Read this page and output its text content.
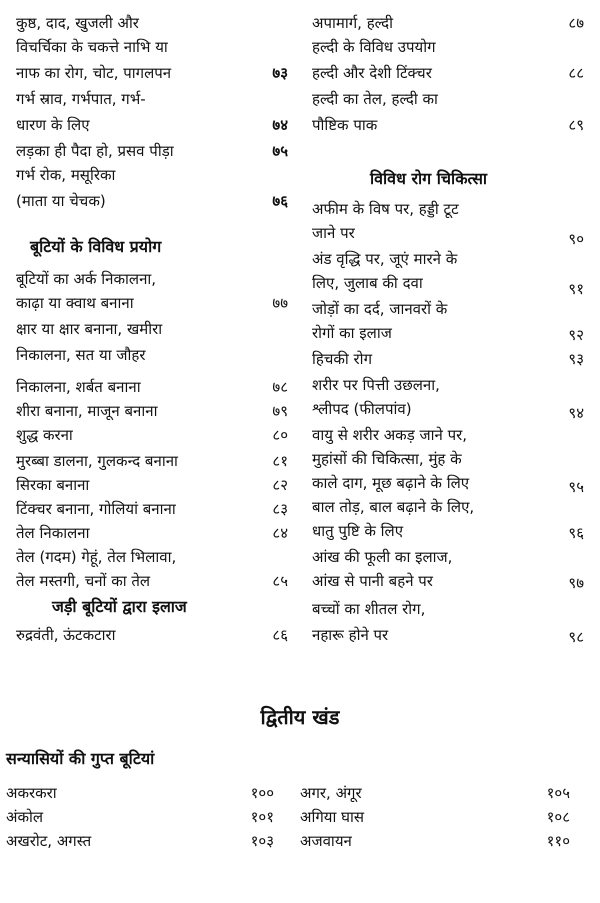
कुष्ठ, दाद, खुजली और
विचर्चिका के चकत्ते नाभि या
नाफ का रोग, चोट, पागलपन	७३
गर्भ स्राव, गर्भपात, गर्भ-
धारण के लिए	७४
लड़का ही पैदा हो, प्रसव पीड़ा	७५
गर्भ रोक, मसूरिका
(माता या चेचक)	७६
बूटियों के विविध प्रयोग
बूटियों का अर्क निकालना,
काढ़ा या क्वाथ बनाना	७७
क्षार या क्षार बनाना, खमीरा
निकालना, सत या जौहर
निकालना, शर्बत बनाना	७८
शीरा बनाना, माजून बनाना	७९
शुद्ध करना	८०
मुरब्बा डालना, गुलकन्द बनाना	८१
सिरका बनाना	८२
टिंक्चर बनाना, गोलियां बनाना	८३
तेल निकालना	८४
तेल (गदम) गेहूं, तेल भिलावा,
तेल मस्तगी, चनों का तेल	८५
जड़ी बूटियों द्वारा इलाज
रुद्रवंती, ऊंटकटारा	८६
अपामार्ग, हल्दी	८७
हल्दी के विविध उपयोग
हल्दी और देशी टिंक्चर	८८
हल्दी का तेल, हल्दी का
पौष्टिक पाक	८९
विविध रोग चिकित्सा
अफीम के विष पर, हड्डी टूट
जाने पर	९०
अंड वृद्धि पर, जूएं मारने के
लिए, जुलाब की दवा	९१
जोड़ों का दर्द, जानवरों के
रोगों का इलाज	९२
हिचकी रोग	९३
शरीर पर पित्ती उछलना,
श्लीपद (फीलपांव)	९४
वायु से शरीर अकड़ जाने पर,
मुहांसों की चिकित्सा, मुंह के
काले दाग, मूछ बढ़ाने के लिए	९५
बाल तोड़, बाल बढ़ाने के लिए,
धातु पुष्टि के लिए	९६
आंख की फूली का इलाज,
आंख से पानी बहने पर	९७
बच्चों का शीतल रोग,
नहारू होने पर	९८
द्वितीय खंड
सन्यासियों की गुप्त बूटियां
अकरकरा	१०० अगर, अंगूर	१०५
अंकोल	१०१ अगिया घास	१०८
अखरोट, अगस्त	१०३ अजवायन	११०
